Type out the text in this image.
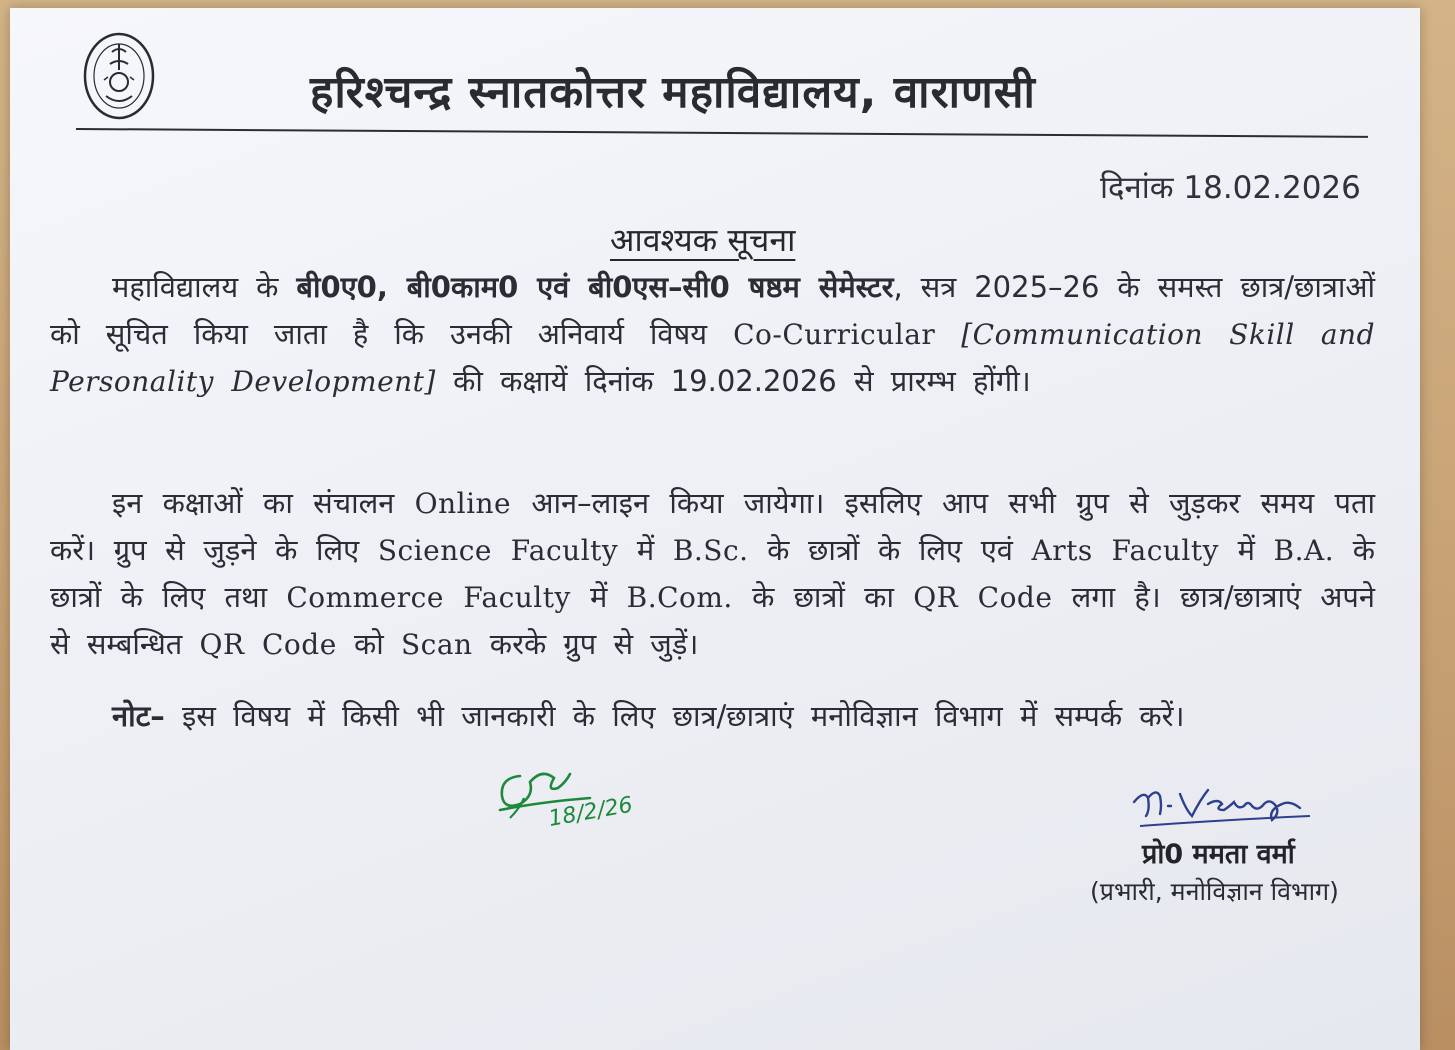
हरिश्चन्द्र स्नातकोत्तर महाविद्यालय, वाराणसी
दिनांक 18.02.2026
आवश्यक सूचना
महाविद्यालय के बी0ए0, बी0काम0 एवं बी0एस–सी0 षष्ठम सेमेस्टर, सत्र 2025–26 के समस्त छात्र/छात्राओं को सूचित किया जाता है कि उनकी अनिवार्य विषय Co-Curricular [Communication Skill and Personality Development] की कक्षायें दिनांक 19.02.2026 से प्रारम्भ होंगी।
इन कक्षाओं का संचालन Online आन–लाइन किया जायेगा। इसलिए आप सभी ग्रुप से जुड़कर समय पता करें। ग्रुप से जुड़ने के लिए Science Faculty में B.Sc. के छात्रों के लिए एवं Arts Faculty में B.A. के छात्रों के लिए तथा Commerce Faculty में B.Com. के छात्रों का QR Code लगा है। छात्र/छात्राएं अपने से सम्बन्धित QR Code को Scan करके ग्रुप से जुड़ें।
नोट– इस विषय में किसी भी जानकारी के लिए छात्र/छात्राएं मनोविज्ञान विभाग में सम्पर्क करें।
18/2/26
प्रो0 ममता वर्मा
(प्रभारी, मनोविज्ञान विभाग)
